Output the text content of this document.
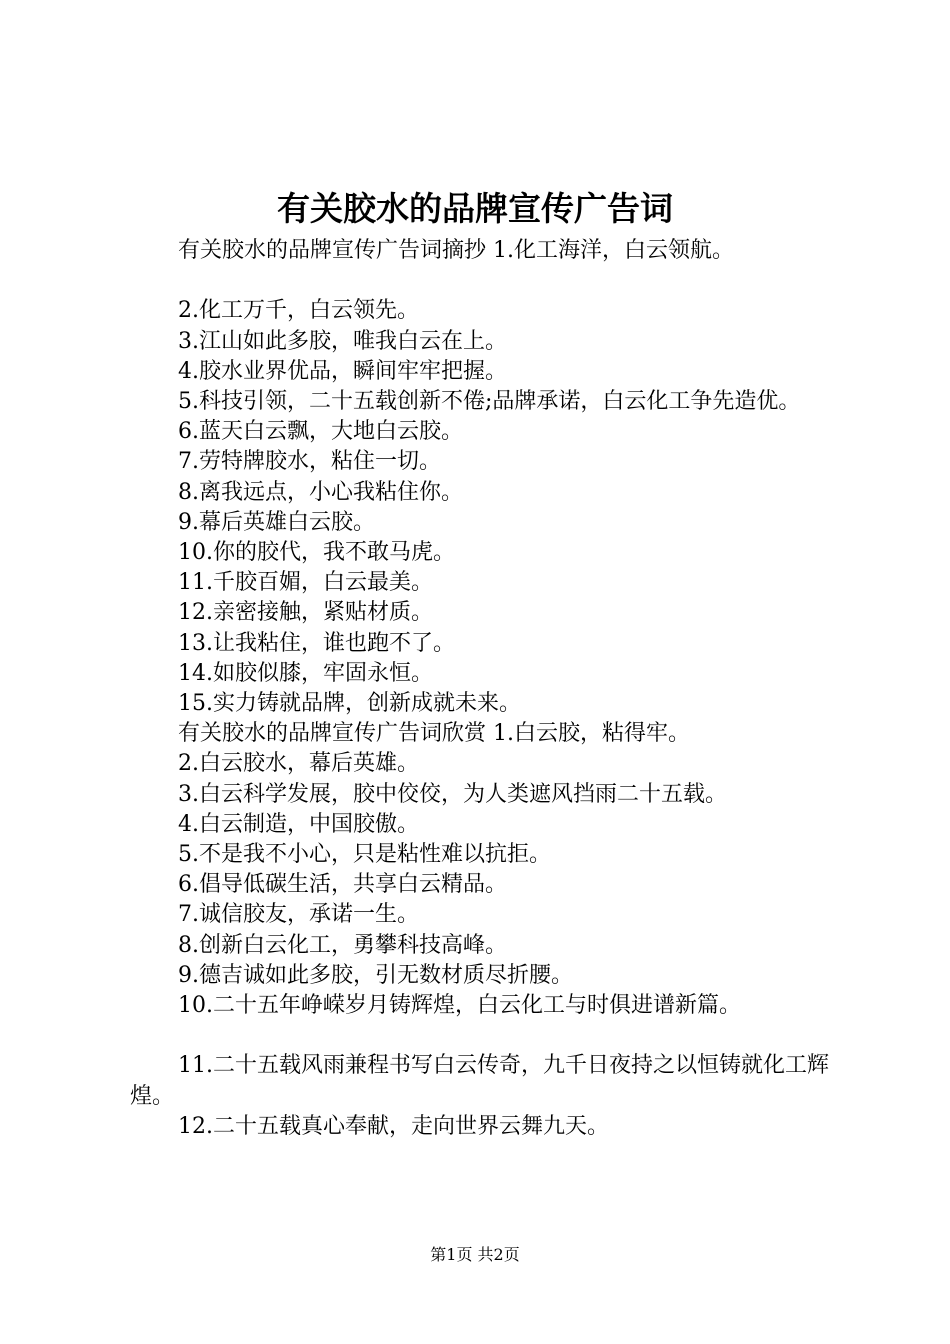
有关胶水的品牌宣传广告词

有关胶水的品牌宣传广告词摘抄 1.化工海洋，白云领航。

2.化工万千，白云领先。

3.江山如此多胶，唯我白云在上。

4.胶水业界优品，瞬间牢牢把握。

5.科技引领，二十五载创新不倦;品牌承诺，白云化工争先造优。

6.蓝天白云飘，大地白云胶。

7.劳特牌胶水，粘住一切。

8.离我远点，小心我粘住你。

9.幕后英雄白云胶。

10.你的胶代，我不敢马虎。

11.千胶百媚，白云最美。

12.亲密接触，紧贴材质。

13.让我粘住，谁也跑不了。

14.如胶似膝，牢固永恒。

15.实力铸就品牌，创新成就未来。

有关胶水的品牌宣传广告词欣赏 1.白云胶，粘得牢。

2.白云胶水，幕后英雄。

3.白云科学发展，胶中佼佼，为人类遮风挡雨二十五载。

4.白云制造，中国胶傲。

5.不是我不小心，只是粘性难以抗拒。

6.倡导低碳生活，共享白云精品。

7.诚信胶友，承诺一生。

8.创新白云化工，勇攀科技高峰。

9.德吉诚如此多胶，引无数材质尽折腰。

10.二十五年峥嵘岁月铸辉煌，白云化工与时俱进谱新篇。

11.二十五载风雨兼程书写白云传奇，九千日夜持之以恒铸就化工辉煌。

12.二十五载真心奉献，走向世界云舞九天。

第1页 共2页
